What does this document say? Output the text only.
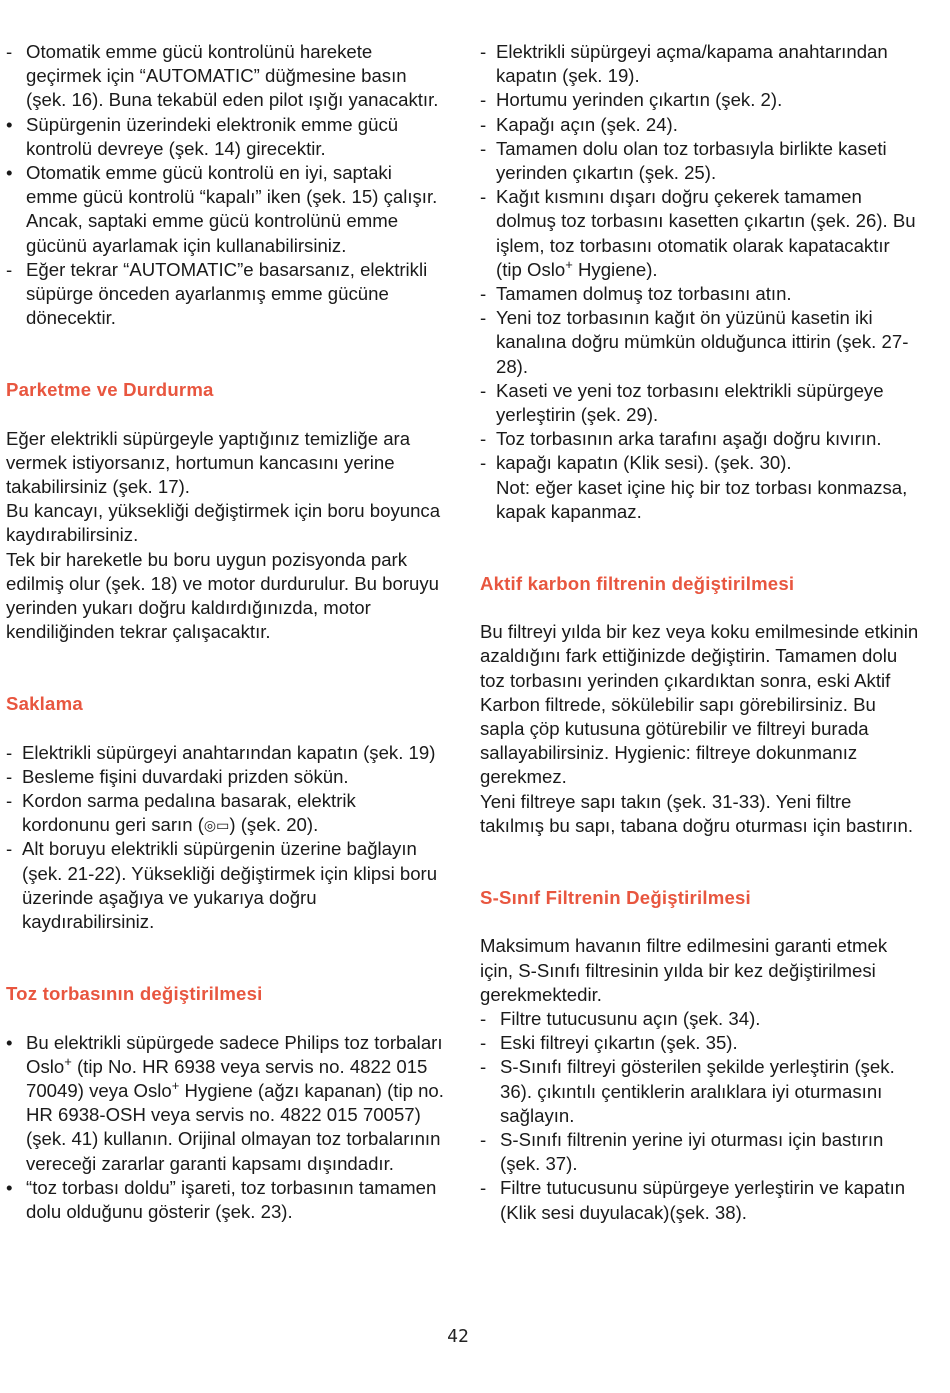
- Otomatik emme gücü kontrolünü harekete geçirmek için “AUTOMATIC” düğmesine basın (şek. 16). Buna tekabül eden pilot ışığı yanacaktır.
• Süpürgenin üzerindeki elektronik emme gücü kontrolü devreye (şek. 14) girecektir.
• Otomatik emme gücü kontrolü en iyi, saptaki emme gücü kontrolü “kapalı” iken (şek. 15) çalışır. Ancak, saptaki emme gücü kontrolünü emme gücünü ayarlamak için kullanabilirsiniz.
- Eğer tekrar “AUTOMATIC”e basarsanız, elektrikli süpürge önceden ayarlanmış emme gücüne dönecektir.
Parketme ve Durdurma

Eğer elektrikli süpürgeyle yaptığınız temizliğe ara vermek istiyorsanız, hortumun kancasını yerine takabilirsiniz (şek. 17).

Bu kancayı, yüksekliği değiştirmek için boru boyunca kaydırabilirsiniz.

Tek bir hareketle bu boru uygun pozisyonda park edilmiş olur (şek. 18) ve motor durdurulur. Bu boruyu yerinden yukarı doğru kaldırdığınızda, motor kendiliğinden tekrar çalışacaktır.

Saklama
- Elektrikli süpürgeyi anahtarından kapatın (şek. 19)
- Besleme fişini duvardaki prizden sökün.
- Kordon sarma pedalına basarak, elektrik kordonunu geri sarın (◎▭) (şek. 20).
- Alt boruyu elektrikli süpürgenin üzerine bağlayın (şek. 21-22). Yüksekliği değiştirmek için klipsi boru üzerinde aşağıya ve yukarıya doğru kaydırabilirsiniz.
Toz torbasının değiştirilmesi
• Bu elektrikli süpürgede sadece Philips toz torbaları Oslo+ (tip No. HR 6938 veya servis no. 4822 015 70049) veya Oslo+ Hygiene (ağzı kapanan) (tip no. HR 6938-OSH veya servis no. 4822 015 70057) (şek. 41) kullanın. Orijinal olmayan toz torbalarının vereceği zararlar garanti kapsamı dışındadır.
• “toz torbası doldu” işareti, toz torbasının tamamen dolu olduğunu gösterir (şek. 23).
- Elektrikli süpürgeyi açma/kapama anahtarından kapatın (şek. 19).
- Hortumu yerinden çıkartın (şek. 2).
- Kapağı açın (şek. 24).
- Tamamen dolu olan toz torbasıyla birlikte kaseti yerinden çıkartın (şek. 25).
- Kağıt kısmını dışarı doğru çekerek tamamen dolmuş toz torbasını kasetten çıkartın (şek. 26). Bu işlem, toz torbasını otomatik olarak kapatacaktır (tip Oslo+ Hygiene).
- Tamamen dolmuş toz torbasını atın.
- Yeni toz torbasının kağıt ön yüzünü kasetin iki kanalına doğru mümkün olduğunca ittirin (şek. 27-28).
- Kaseti ve yeni toz torbasını elektrikli süpürgeye yerleştirin (şek. 29).
- Toz torbasının arka tarafını aşağı doğru kıvırın.
- kapağı kapatın (Klik sesi). (şek. 30).

Not: eğer kaset içine hiç bir toz torbası konmazsa, kapak kapanmaz.

Aktif karbon filtrenin değiştirilmesi

Bu filtreyi yılda bir kez veya koku emilmesinde etkinin azaldığını fark ettiğinizde değiştirin. Tamamen dolu toz torbasını yerinden çıkardıktan sonra, eski Aktif Karbon filtrede, sökülebilir sapı görebilirsiniz. Bu sapla çöp kutusuna götürebilir ve filtreyi burada sallayabilirsiniz. Hygienic: filtreye dokunmanız gerekmez.

Yeni filtreye sapı takın (şek. 31-33). Yeni filtre takılmış bu sapı, tabana doğru oturması için bastırın.

S-Sınıf Filtrenin Değiştirilmesi

Maksimum havanın filtre edilmesini garanti etmek için, S-Sınıfı filtresinin yılda bir kez değiştirilmesi gerekmektedir.

- Filtre tutucusunu açın (şek. 34).
- Eski filtreyi çıkartın (şek. 35).
- S-Sınıfı filtreyi gösterilen şekilde yerleştirin (şek. 36). çıkıntılı çentiklerin aralıklara iyi oturmasını sağlayın.
- S-Sınıfı filtrenin yerine iyi oturması için bastırın (şek. 37).
- Filtre tutucusunu süpürgeye yerleştirin ve kapatın (Klik sesi duyulacak)(şek. 38).
42
